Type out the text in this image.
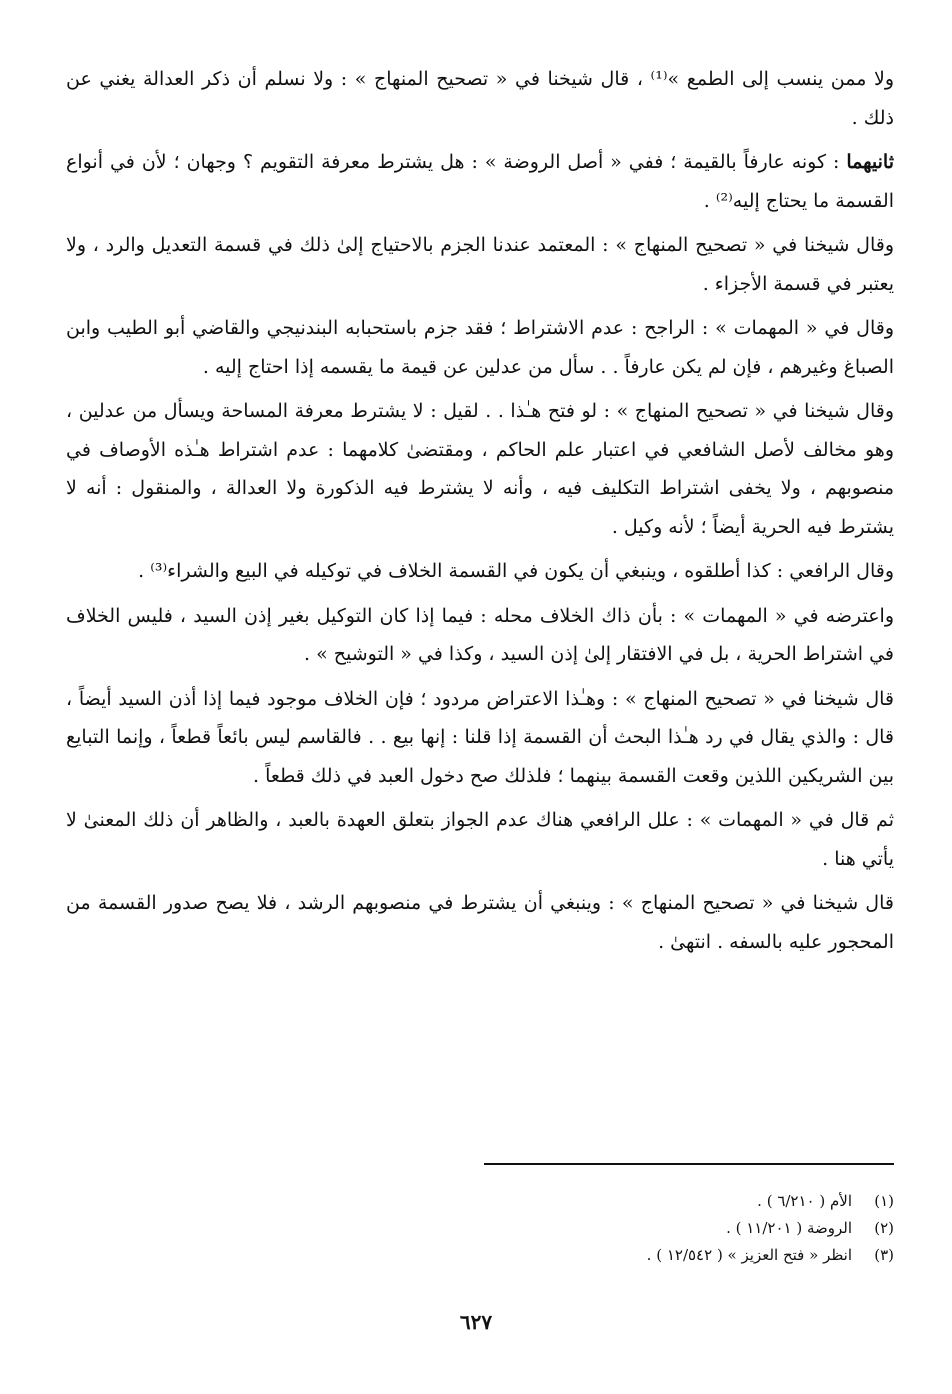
ولا ممن ينسب إلى الطمع »⁽¹⁾ ، قال شيخنا في « تصحيح المنهاج » : ولا نسلم أن ذكر العدالة يغني عن ذلك .

ثانيهما : كونه عارفاً بالقيمة ؛ ففي « أصل الروضة » : هل يشترط معرفة التقويم ؟ وجهان ؛ لأن في أنواع القسمة ما يحتاج إليه⁽²⁾ .

وقال شيخنا في « تصحيح المنهاج » : المعتمد عندنا الجزم بالاحتياج إلىٰ ذلك في قسمة التعديل والرد ، ولا يعتبر في قسمة الأجزاء .

وقال في « المهمات » : الراجح : عدم الاشتراط ؛ فقد جزم باستحبابه البندنيجي والقاضي أبو الطيب وابن الصباغ وغيرهم ، فإن لم يكن عارفاً . . سأل من عدلين عن قيمة ما يقسمه إذا احتاج إليه .

وقال شيخنا في « تصحيح المنهاج » : لو فتح هـٰذا . . لقيل : لا يشترط معرفة المساحة ويسأل من عدلين ، وهو مخالف لأصل الشافعي في اعتبار علم الحاكم ، ومقتضىٰ كلامهما : عدم اشتراط هـٰذه الأوصاف في منصوبهم ، ولا يخفى اشتراط التكليف فيه ، وأنه لا يشترط فيه الذكورة ولا العدالة ، والمنقول : أنه لا يشترط فيه الحرية أيضاً ؛ لأنه وكيل .

وقال الرافعي : كذا أطلقوه ، وينبغي أن يكون في القسمة الخلاف في توكيله في البيع والشراء⁽³⁾ .

واعترضه في « المهمات » : بأن ذاك الخلاف محله : فيما إذا كان التوكيل بغير إذن السيد ، فليس الخلاف في اشتراط الحرية ، بل في الافتقار إلىٰ إذن السيد ، وكذا في « التوشيح » .

قال شيخنا في « تصحيح المنهاج » : وهـٰذا الاعتراض مردود ؛ فإن الخلاف موجود فيما إذا أذن السيد أيضاً ، قال : والذي يقال في رد هـٰذا البحث أن القسمة إذا قلنا : إنها بيع . . فالقاسم ليس بائعاً قطعاً ، وإنما التبايع بين الشريكين اللذين وقعت القسمة بينهما ؛ فلذلك صح دخول العبد في ذلك قطعاً .

ثم قال في « المهمات » : علل الرافعي هناك عدم الجواز بتعلق العهدة بالعبد ، والظاهر أن ذلك المعنىٰ لا يأتي هنا .

قال شيخنا في « تصحيح المنهاج » : وينبغي أن يشترط في منصوبهم الرشد ، فلا يصح صدور القسمة من المحجور عليه بالسفه . انتهىٰ .

(١)
الأم ( ٦/٢١٠ ) .
(٢)
الروضة ( ١١/٢٠١ ) .
(٣)
انظر « فتح العزيز » ( ١٢/٥٤٢ ) .
٦٢٧
